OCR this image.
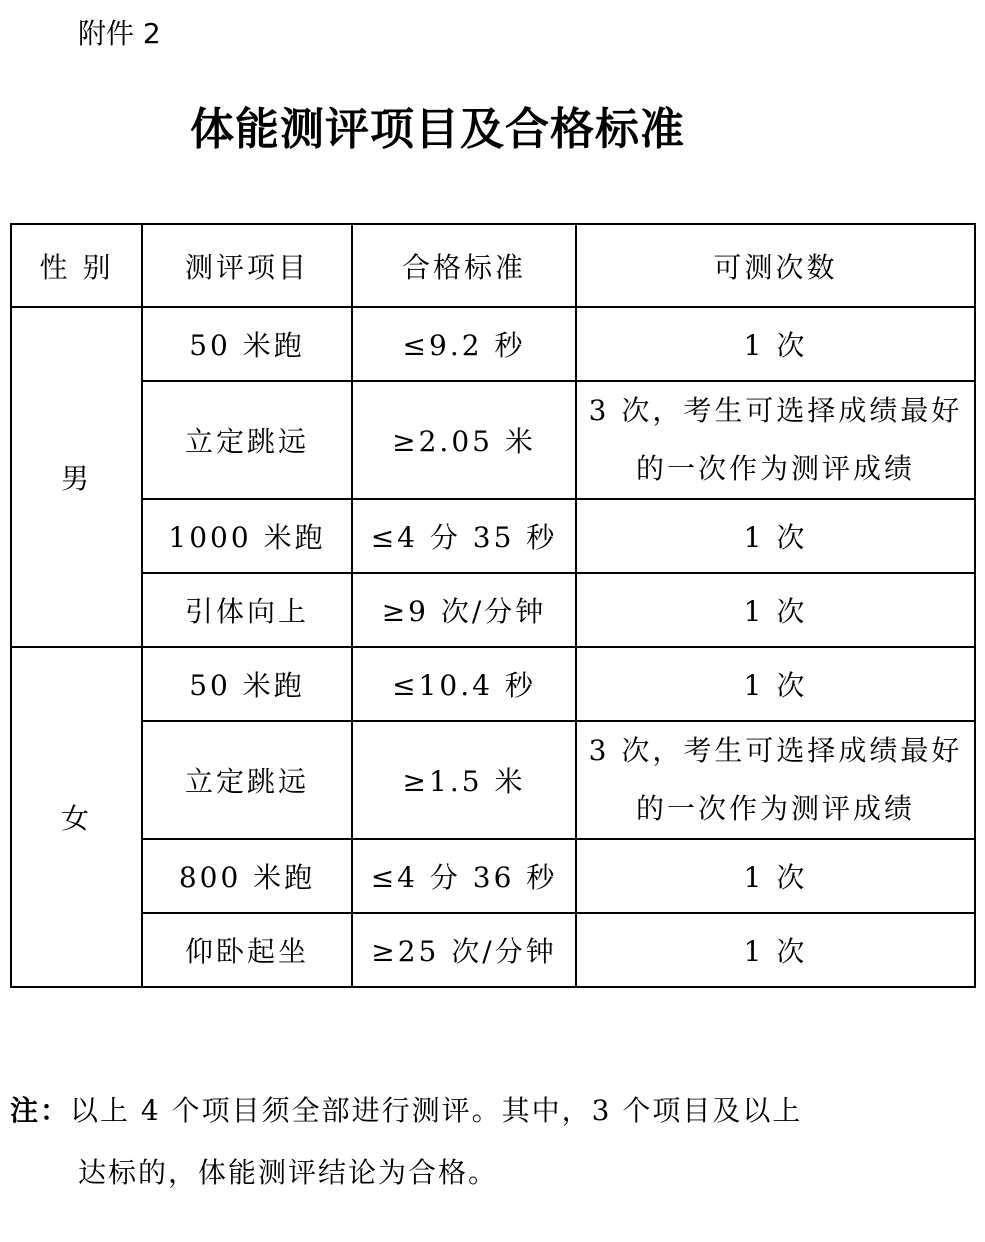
附件 2
体能测评项目及合格标准
性 别	测评项目	合格标准	可测次数
男	50 米跑	≤9.2 秒	1 次
	立定跳远	≥2.05 米	3 次，考生可选择成绩最好的一次作为测评成绩
	1000 米跑	≤4 分 35 秒	1 次
	引体向上	≥9 次/分钟	1 次
女	50 米跑	≤10.4 秒	1 次
	立定跳远	≥1.5 米	3 次，考生可选择成绩最好的一次作为测评成绩
	800 米跑	≤4 分 36 秒	1 次
	仰卧起坐	≥25 次/分钟	1 次
注：以上 4 个项目须全部进行测评。其中，3 个项目及以上
达标的，体能测评结论为合格。
